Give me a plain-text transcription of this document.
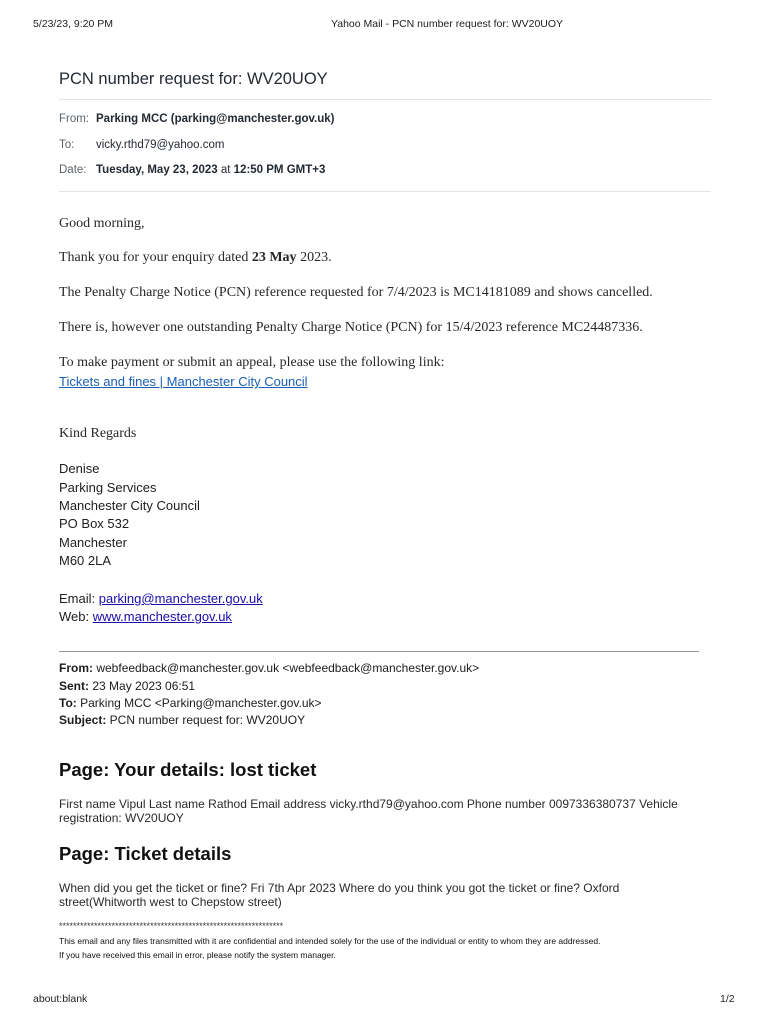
5/23/23, 9:20 PM	Yahoo Mail - PCN number request for: WV20UOY
PCN number request for: WV20UOY
From: Parking MCC (parking@manchester.gov.uk)
To: vicky.rthd79@yahoo.com
Date: Tuesday, May 23, 2023 at 12:50 PM GMT+3
Good morning,
Thank you for your enquiry dated 23 May 2023.
The Penalty Charge Notice (PCN) reference requested for 7/4/2023 is MC14181089 and shows cancelled.
There is, however one outstanding Penalty Charge Notice (PCN) for 15/4/2023 reference MC24487336.
To make payment or submit an appeal, please use the following link:
Tickets and fines | Manchester City Council
Kind Regards
Denise
Parking Services
Manchester City Council
PO Box 532
Manchester
M60 2LA
Email: parking@manchester.gov.uk
Web: www.manchester.gov.uk
From: webfeedback@manchester.gov.uk <webfeedback@manchester.gov.uk>
Sent: 23 May 2023 06:51
To: Parking MCC <Parking@manchester.gov.uk>
Subject: PCN number request for: WV20UOY
Page: Your details: lost ticket
First name Vipul Last name Rathod Email address vicky.rthd79@yahoo.com Phone number 0097336380737 Vehicle registration: WV20UOY
Page: Ticket details
When did you get the ticket or fine? Fri 7th Apr 2023 Where do you think you got the ticket or fine? Oxford street(Whitworth west to Chepstow street)
****************************************************************
This email and any files transmitted with it are confidential and intended solely for the use of the individual or entity to whom they are addressed.
If you have received this email in error, please notify the system manager.
about:blank	1/2
